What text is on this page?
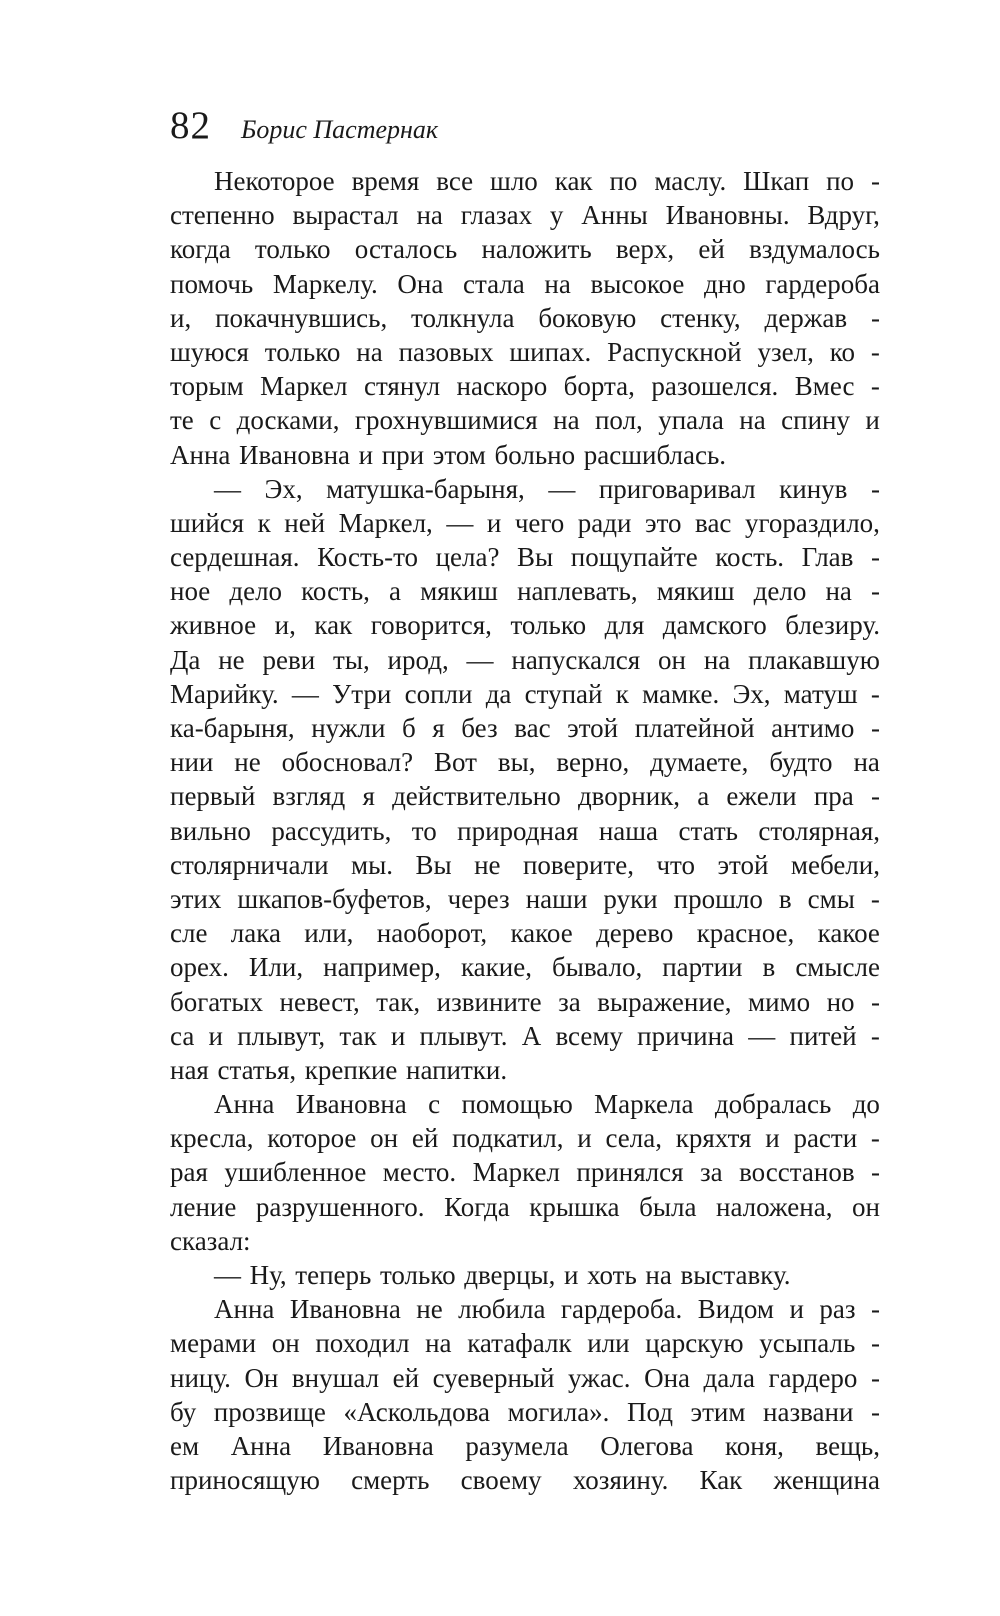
82 Борис Пастернак
Некоторое время все шло как по маслу. Шкап по -
степенно вырастал на глазах у Анны Ивановны. Вдруг,
когда только осталось наложить верх, ей вздумалось
помочь Маркелу. Она стала на высокое дно гардероба
и, покачнувшись, толкнула боковую стенку, держав -
шуюся только на пазовых шипах. Распускной узел, ко -
торым Маркел стянул наскоро борта, разошелся. Вмес -
те с досками, грохнувшимися на пол, упала на спину и
Анна Ивановна и при этом больно расшиблась.
— Эх, матушка-барыня, — приговаривал кинув -
шийся к ней Маркел, — и чего ради это вас угораздило,
сердешная. Кость-то цела? Вы пощупайте кость. Глав -
ное дело кость, а мякиш наплевать, мякиш дело на -
живное и, как говорится, только для дамского блезиру.
Да не реви ты, ирод, — напускался он на плакавшую
Марийку. — Утри сопли да ступай к мамке. Эх, матуш -
ка-барыня, нужли б я без вас этой платейной антимо -
нии не обосновал? Вот вы, верно, думаете, будто на
первый взгляд я действительно дворник, а ежели пра -
вильно рассудить, то природная наша стать столярная,
столярничали мы. Вы не поверите, что этой мебели,
этих шкапов-буфетов, через наши руки прошло в смы -
сле лака или, наоборот, какое дерево красное, какое
орех. Или, например, какие, бывало, партии в смысле
богатых невест, так, извините за выражение, мимо но -
са и плывут, так и плывут. А всему причина — питей -
ная статья, крепкие напитки.
Анна Ивановна с помощью Маркела добралась до
кресла, которое он ей подкатил, и села, кряхтя и расти -
рая ушибленное место. Маркел принялся за восстанов -
ление разрушенного. Когда крышка была наложена, он
сказал:
— Ну, теперь только дверцы, и хоть на выставку.
Анна Ивановна не любила гардероба. Видом и раз -
мерами он походил на катафалк или царскую усыпаль -
ницу. Он внушал ей суеверный ужас. Она дала гардеро -
бу прозвище «Аскольдова могила». Под этим названи -
ем Анна Ивановна разумела Олегова коня, вещь,
приносящую смерть своему хозяину. Как женщина
